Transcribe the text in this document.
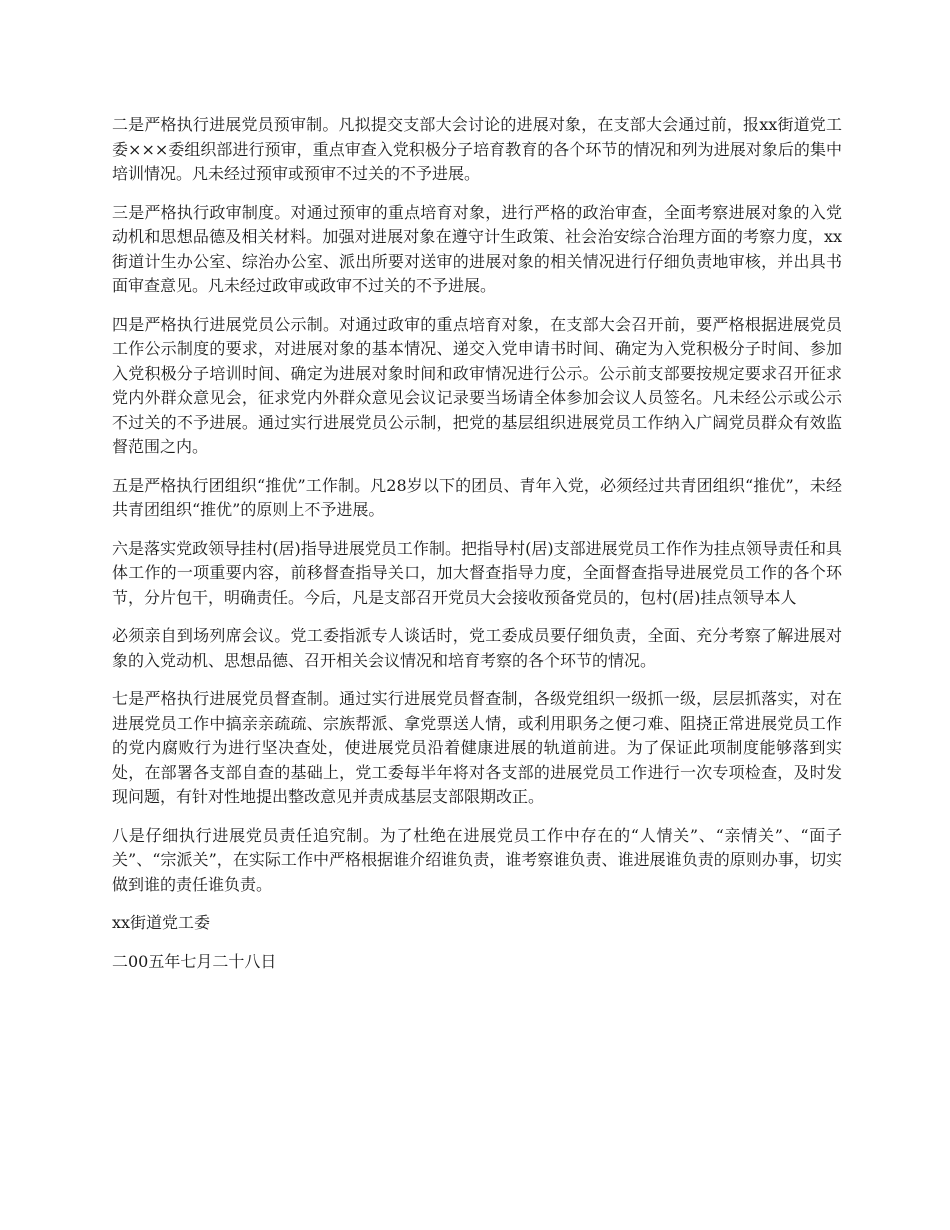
二是严格执行进展党员预审制。凡拟提交支部大会讨论的进展对象，在支部大会通过前，报xx街道党工委×××委组织部进行预审，重点审查入党积极分子培育教育的各个环节的情况和列为进展对象后的集中培训情况。凡未经过预审或预审不过关的不予进展。

三是严格执行政审制度。对通过预审的重点培育对象，进行严格的政治审查，全面考察进展对象的入党动机和思想品德及相关材料。加强对进展对象在遵守计生政策、社会治安综合治理方面的考察力度，xx街道计生办公室、综治办公室、派出所要对送审的进展对象的相关情况进行仔细负责地审核，并出具书面审查意见。凡未经过政审或政审不过关的不予进展。

四是严格执行进展党员公示制。对通过政审的重点培育对象，在支部大会召开前，要严格根据进展党员工作公示制度的要求，对进展对象的基本情况、递交入党申请书时间、确定为入党积极分子时间、参加入党积极分子培训时间、确定为进展对象时间和政审情况进行公示。公示前支部要按规定要求召开征求党内外群众意见会，征求党内外群众意见会议记录要当场请全体参加会议人员签名。凡未经公示或公示不过关的不予进展。通过实行进展党员公示制，把党的基层组织进展党员工作纳入广阔党员群众有效监督范围之内。

五是严格执行团组织“推优”工作制。凡28岁以下的团员、青年入党，必须经过共青团组织“推优”，未经共青团组织“推优”的原则上不予进展。

六是落实党政领导挂村(居)指导进展党员工作制。把指导村(居)支部进展党员工作作为挂点领导责任和具体工作的一项重要内容，前移督查指导关口，加大督查指导力度，全面督查指导进展党员工作的各个环节，分片包干，明确责任。今后，凡是支部召开党员大会接收预备党员的，包村(居)挂点领导本人

必须亲自到场列席会议。党工委指派专人谈话时，党工委成员要仔细负责，全面、充分考察了解进展对象的入党动机、思想品德、召开相关会议情况和培育考察的各个环节的情况。

七是严格执行进展党员督查制。通过实行进展党员督查制，各级党组织一级抓一级，层层抓落实，对在进展党员工作中搞亲亲疏疏、宗族帮派、拿党票送人情，或利用职务之便刁难、阻挠正常进展党员工作的党内腐败行为进行坚决查处，使进展党员沿着健康进展的轨道前进。为了保证此项制度能够落到实处，在部署各支部自查的基础上，党工委每半年将对各支部的进展党员工作进行一次专项检查，及时发现问题，有针对性地提出整改意见并责成基层支部限期改正。

八是仔细执行进展党员责任追究制。为了杜绝在进展党员工作中存在的“人情关”、“亲情关”、“面子关”、“宗派关”，在实际工作中严格根据谁介绍谁负责，谁考察谁负责、谁进展谁负责的原则办事，切实做到谁的责任谁负责。

xx街道党工委

二00五年七月二十八日
